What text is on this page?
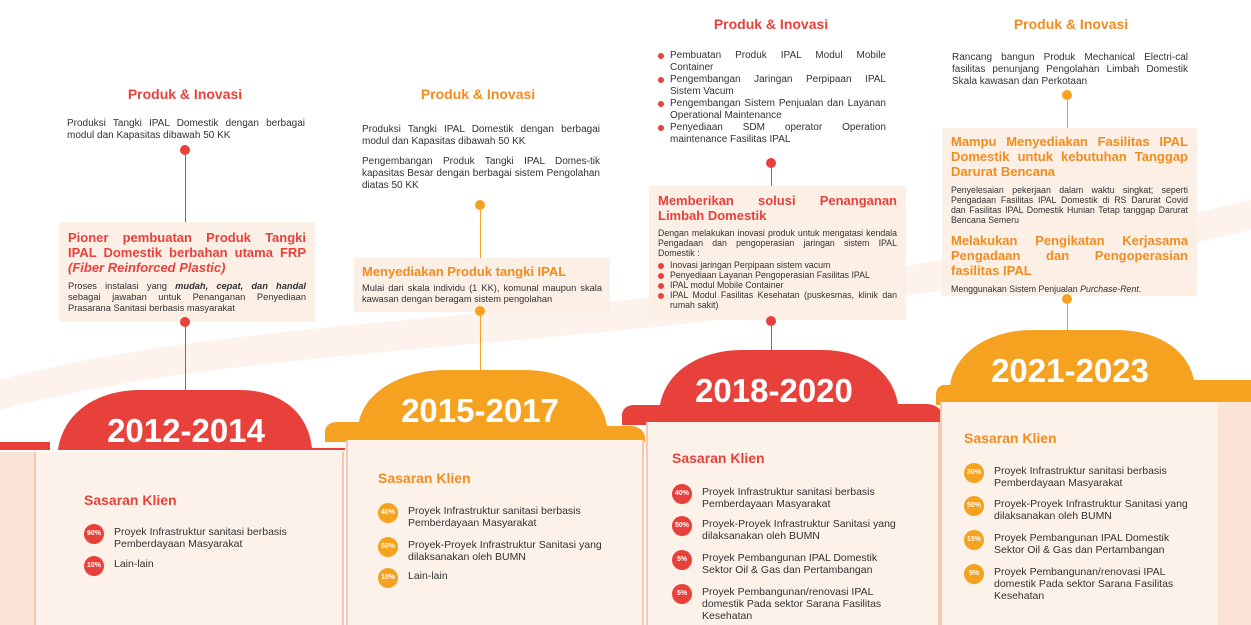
Produk & Inovasi

Produksi Tangki IPAL Domestik dengan berbagai modul dan Kapasitas dibawah 50 KK

Pioner pembuatan Produk Tangki IPAL Domestik berbahan utama FRP (Fiber Reinforced Plastic)
Proses instalasi yang mudah, cepat, dan handal sebagai jawaban untuk Penanganan Penyediaan Prasarana Sanitasi berbasis masyarakat
2012-2014
Sasaran Klien
90% Proyek Infrastruktur sanitasi berbasis Pemberdayaan Masyarakat
10% Lain-lain
Produk & Inovasi

Produksi Tangki IPAL Domestik dengan berbagai modul dan Kapasitas dibawah 50 KK

Pengembangan Produk Tangki IPAL Domes-tik kapasitas Besar dengan berbagai sistem Pengolahan diatas 50 KK

Menyediakan Produk tangki IPAL
Mulai dari skala individu (1 KK), komunal maupun skala kawasan dengan beragam sistem pengolahan
2015-2017
Sasaran Klien
40% Proyek Infrastruktur sanitasi berbasis Pemberdayaan Masyarakat
50% Proyek-Proyek Infrastruktur Sanitasi yang dilaksanakan oleh BUMN
10% Lain-lain
Produk & Inovasi
Pembuatan Produk IPAL Modul Mobile Container
Pengembangan Jaringan Perpipaan IPAL Sistem Vacum
Pengembangan Sistem Penjualan dan Layanan Operational Maintenance
Penyediaan SDM operator Operation maintenance Fasilitas IPAL
Memberikan solusi Penanganan Limbah Domestik
Dengan melakukan inovasi produk untuk mengatasi kendala Pengadaan dan pengoperasian jaringan sistem IPAL Domestik :
Inovasi jaringan Perpipaan sistem vacum
Penyediaan Layanan Pengoperasian Fasilitas IPAL
IPAL modul Mobile Container
IPAL Modul Fasilitas Kesehatan (puskesmas, klinik dan rumah sakit)
2018-2020
Sasaran Klien
40% Proyek Infrastruktur sanitasi berbasis Pemberdayaan Masyarakat
50% Proyek-Proyek Infrastruktur Sanitasi yang dilaksanakan oleh BUMN
5%	Proyek Pembangunan IPAL Domestik Sektor Oil & Gas dan Pertambangan
5%	Proyek Pembangunan/renovasi IPAL domestik Pada sektor Sarana Fasilitas Kesehatan
Produk & Inovasi

Rancang bangun Produk Mechanical Electri-cal fasilitas penunjang Pengolahan Limbah Domestik Skala kawasan dan Perkotaan

Mampu Menyediakan Fasilitas IPAL Domestik untuk kebutuhan Tanggap Darurat Bencana
Penyelesaian pekerjaan dalam waktu singkat; seperti Pengadaan Fasilitas IPAL Domestik di RS Darurat Covid dan Fasilitas IPAL Domestik Hunian Tetap tanggap Darurat Bencana Semeru
Melakukan Pengikatan Kerjasama Pengadaan dan Pengoperasian fasilitas IPAL
Menggunakan Sistem Penjualan Purchase-Rent.
2021-2023
Sasaran Klien
30% Proyek Infrastruktur sanitasi berbasis Pemberdayaan Masyarakat
50% Proyek-Proyek Infrastruktur Sanitasi yang dilaksanakan oleh BUMN
15% Proyek Pembangunan IPAL Domestik Sektor Oil & Gas dan Pertambangan
5%	Proyek Pembangunan/renovasi IPAL domestik Pada sektor Sarana Fasilitas Kesehatan
